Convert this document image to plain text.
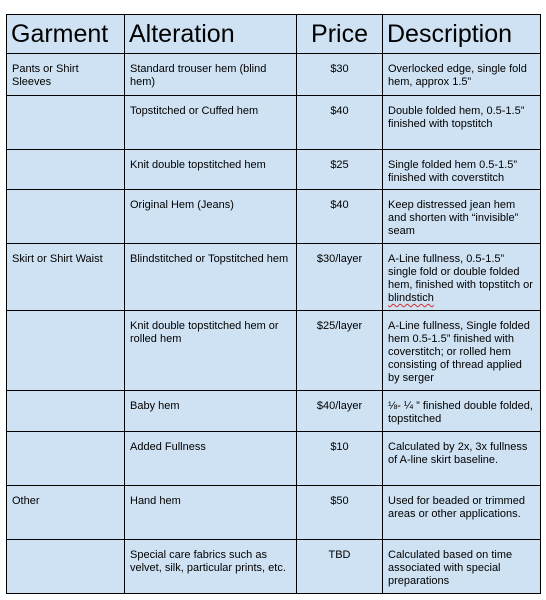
Garment	Alteration	Price	Description
Pants or Shirt Sleeves	Standard trouser hem (blind hem)	$30	Overlocked edge, single fold hem, approx 1.5”
	Topstitched or Cuffed hem	$40	Double folded hem, 0.5-1.5” finished with topstitch
	Knit double topstitched hem	$25	Single folded hem 0.5-1.5” finished with coverstitch
	Original Hem (Jeans)	$40	Keep distressed jean hem and shorten with “invisible” seam
Skirt or Shirt Waist	Blindstitched or Topstitched hem	$30/layer	A-Line fullness, 0.5-1.5” single fold or double folded hem, finished with topstitch or blindstich
	Knit double topstitched hem or rolled hem	$25/layer	A-Line fullness, Single folded hem 0.5-1.5” finished with coverstitch; or rolled hem consisting of thread applied by serger
	Baby hem	$40/layer	⅛- ¼ ” finished double folded, topstitched
	Added Fullness	$10	Calculated by 2x, 3x fullness of A-line skirt baseline.
Other	Hand hem	$50	Used for beaded or trimmed areas or other applications.
	Special care fabrics such as velvet, silk, particular prints, etc.	TBD	Calculated based on time associated with special preparations
